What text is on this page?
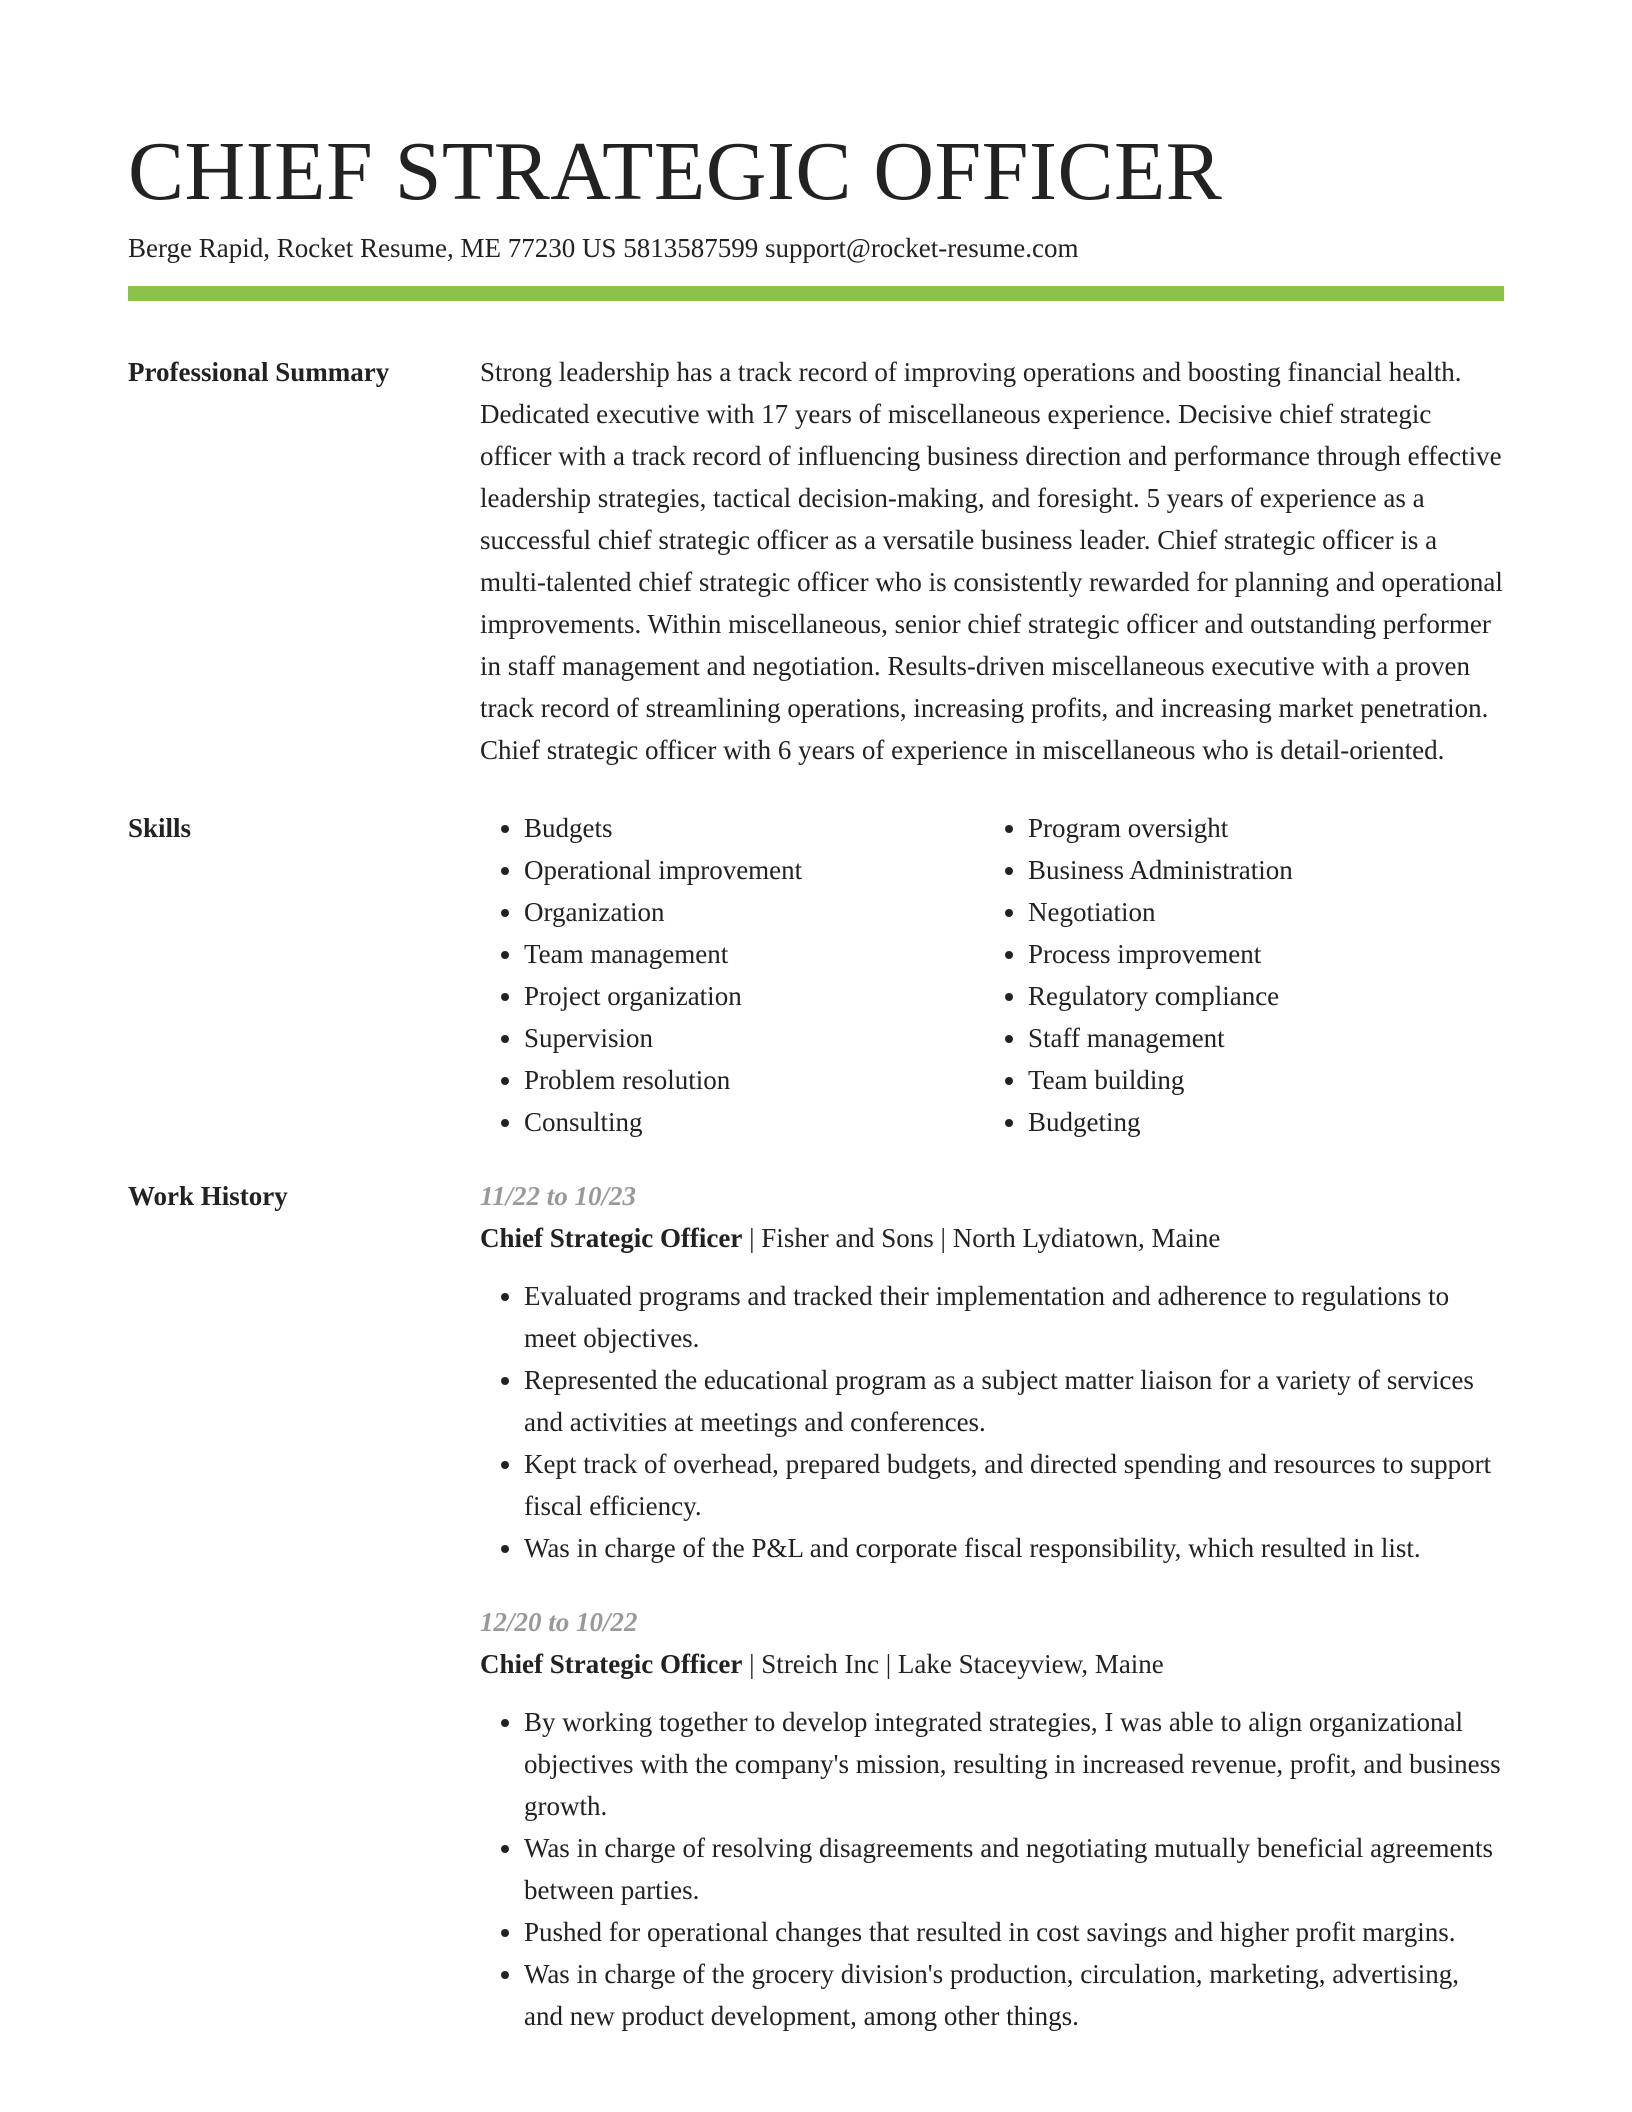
CHIEF STRATEGIC OFFICER
Berge Rapid, Rocket Resume, ME 77230 US 5813587599 support@rocket-resume.com
Professional Summary	Strong leadership has a track record of improving operations and boosting financial health. Dedicated executive with 17 years of miscellaneous experience. Decisive chief strategic officer with a track record of influencing business direction and performance through effective leadership strategies, tactical decision-making, and foresight. 5 years of experience as a successful chief strategic officer as a versatile business leader. Chief strategic officer is a multi-talented chief strategic officer who is consistently rewarded for planning and operational improvements. Within miscellaneous, senior chief strategic officer and outstanding performer in staff management and negotiation. Results-driven miscellaneous executive with a proven track record of streamlining operations, increasing profits, and increasing market penetration. Chief strategic officer with 6 years of experience in miscellaneous who is detail-oriented.

Skills
•	Budgets
• Operational improvement
• Organization
• Team management
• Project organization
• Supervision
• Problem resolution
• Consulting
• Program oversight
• Business Administration
• Negotiation
• Process improvement
• Regulatory compliance
• Staff management
• Team building
• Budgeting
Work History	11/22 to 10/23
Chief Strategic Officer | Fisher and Sons | North Lydiatown, Maine
• Evaluated programs and tracked their implementation and adherence to regulations to meet objectives.
• Represented the educational program as a subject matter liaison for a variety of services and activities at meetings and conferences.
• Kept track of overhead, prepared budgets, and directed spending and resources to support fiscal efficiency.
• Was in charge of the P&L and corporate fiscal responsibility, which resulted in list.
12/20 to 10/22
Chief Strategic Officer | Streich Inc | Lake Staceyview, Maine
• By working together to develop integrated strategies, I was able to align organizational objectives with the company's mission, resulting in increased revenue, profit, and business growth.
• Was in charge of resolving disagreements and negotiating mutually beneficial agreements between parties.
• Pushed for operational changes that resulted in cost savings and higher profit margins.
• Was in charge of the grocery division's production, circulation, marketing, advertising, and new product development, among other things.
